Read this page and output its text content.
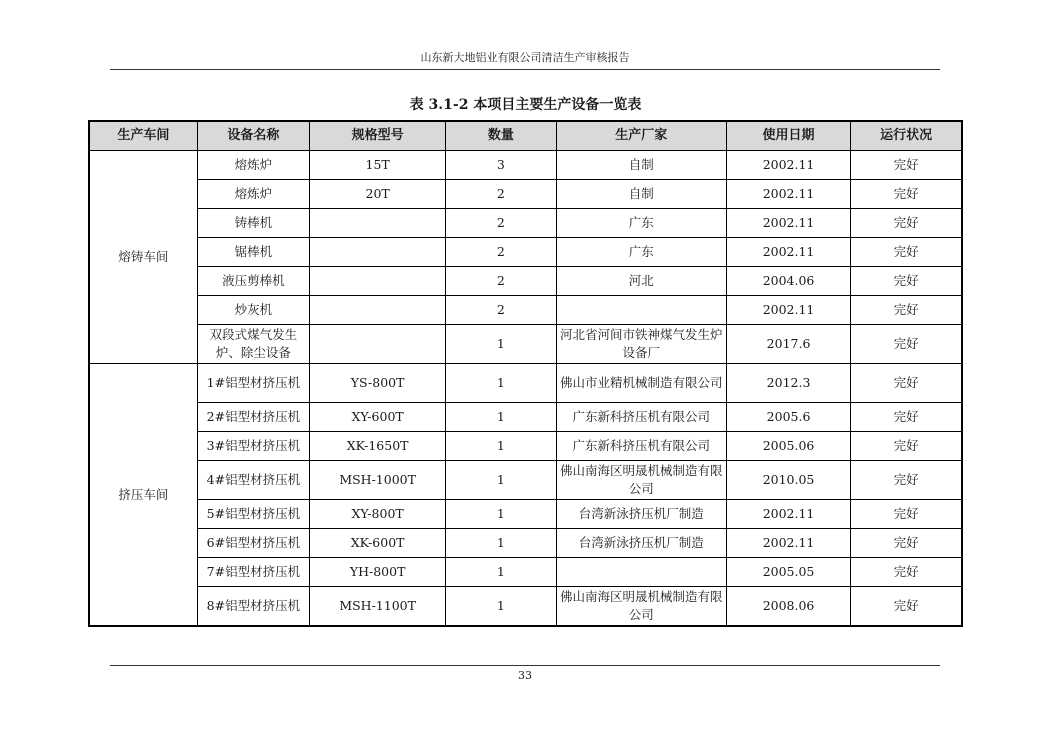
山东新大地铝业有限公司清洁生产审核报告
表 3.1-2 本项目主要生产设备一览表
生产车间	设备名称	规格型号	数量	生产厂家	使用日期	运行状况
熔铸车间	熔炼炉	15T	3	自制	2002.11	完好
	熔炼炉	20T	2	自制	2002.11	完好
	铸棒机		2	广东	2002.11	完好
	锯棒机		2	广东	2002.11	完好
	液压剪棒机		2	河北	2004.06	完好
	炒灰机		2		2002.11	完好
	双段式煤气发生炉、除尘设备		1	河北省河间市铁神煤气发生炉设备厂	2017.6	完好
挤压车间	1#铝型材挤压机	YS-800T	1	佛山市业精机械制造有限公司	2012.3	完好
	2#铝型材挤压机	XY-600T	1	广东新科挤压机有限公司	2005.6	完好
	3#铝型材挤压机	XK-1650T	1	广东新科挤压机有限公司	2005.06	完好
	4#铝型材挤压机	MSH-1000T	1	佛山南海区明晟机械制造有限公司	2010.05	完好
	5#铝型材挤压机	XY-800T	1	台湾新泳挤压机厂制造	2002.11	完好
	6#铝型材挤压机	XK-600T	1	台湾新泳挤压机厂制造	2002.11	完好
	7#铝型材挤压机	YH-800T	1		2005.05	完好
	8#铝型材挤压机	MSH-1100T	1	佛山南海区明晟机械制造有限公司	2008.06	完好
33
